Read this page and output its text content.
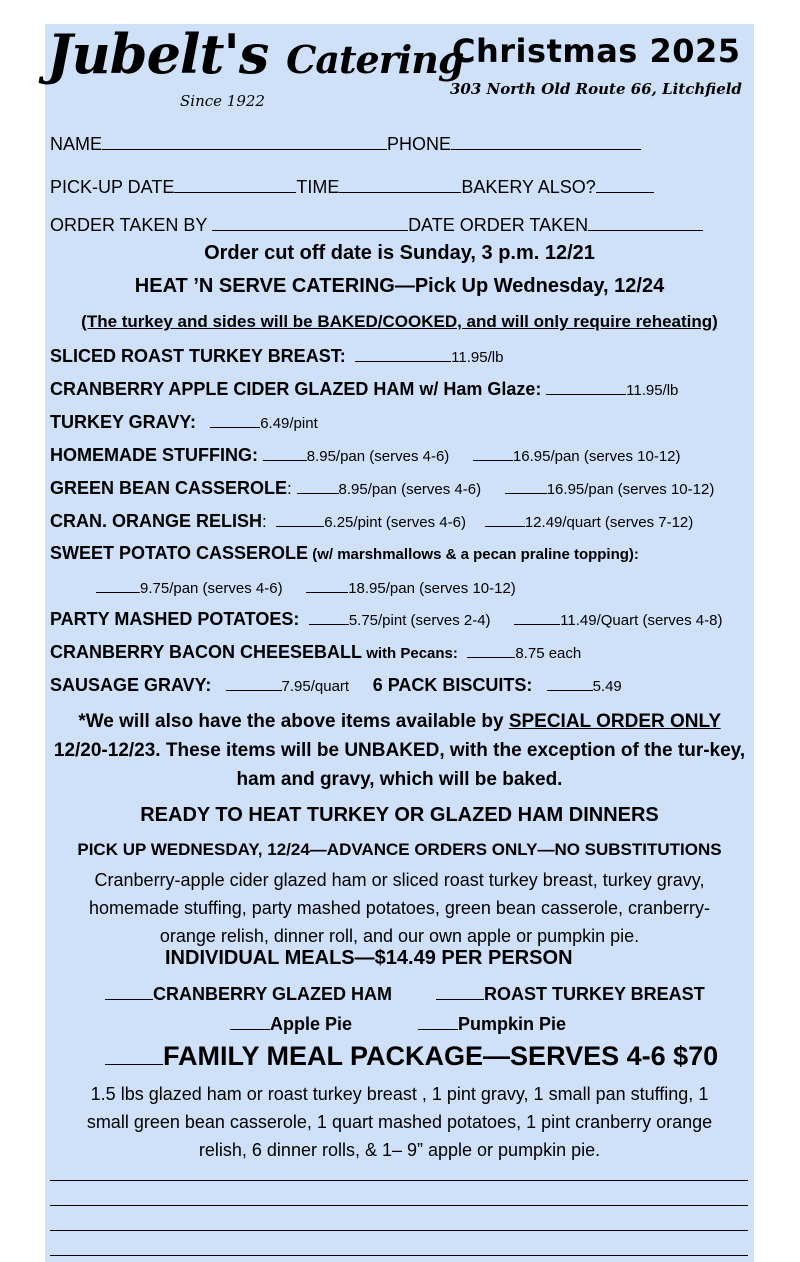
Jubelt's Catering
Since 1922
Christmas 2025
303 North Old Route 66, Litchfield
NAME	PHONE
PICK-UP DATE	TIME	BAKERY ALSO?
ORDER TAKEN BY	DATE ORDER TAKEN
Order cut off date is Sunday, 3 p.m. 12/21
HEAT ’N SERVE CATERING—Pick Up Wednesday, 12/24
(The turkey and sides will be BAKED/COOKED, and will only require reheating)
SLICED ROAST TURKEY BREAST:	11.95/lb
CRANBERRY APPLE CIDER GLAZED HAM w/ Ham Glaze:	11.95/lb
TURKEY GRAVY:	6.49/pint
HOMEMADE STUFFING:	8.95/pan (serves 4-6)	16.95/pan (serves 10-12)
GREEN BEAN CASSEROLE:	8.95/pan (serves 4-6)	16.95/pan (serves 10-12)
CRAN. ORANGE RELISH:	6.25/pint (serves 4-6)	12.49/quart (serves 7-12)
SWEET POTATO CASSEROLE (w/ marshmallows & a pecan praline topping):
9.75/pan (serves 4-6)	18.95/pan (serves 10-12)
PARTY MASHED POTATOES:	5.75/pint (serves 2-4)	11.49/Quart (serves 4-8)
CRANBERRY BACON CHEESEBALL with Pecans:	8.75 each
SAUSAGE GRAVY:	7.95/quart 6 PACK BISCUITS:	5.49
*We will also have the above items available by SPECIAL ORDER ONLY 12/20-12/23. These items will be UNBAKED, with the exception of the tur-key, ham and gravy, which will be baked.
READY TO HEAT TURKEY OR GLAZED HAM DINNERS
PICK UP WEDNESDAY, 12/24—ADVANCE ORDERS ONLY—NO SUBSTITUTIONS
Cranberry-apple cider glazed ham or sliced roast turkey breast, turkey gravy, homemade stuffing, party mashed potatoes, green bean casserole, cranberry-orange relish, dinner roll, and our own apple or pumpkin pie.
INDIVIDUAL MEALS—$14.49 PER PERSON
CRANBERRY GLAZED HAM	ROAST TURKEY BREAST
Apple Pie	Pumpkin Pie
FAMILY MEAL PACKAGE—SERVES 4-6 $70
1.5 lbs glazed ham or roast turkey breast , 1 pint gravy, 1 small pan stuffing, 1 small green bean casserole, 1 quart mashed potatoes, 1 pint cranberry orange relish, 6 dinner rolls, & 1– 9” apple or pumpkin pie.
